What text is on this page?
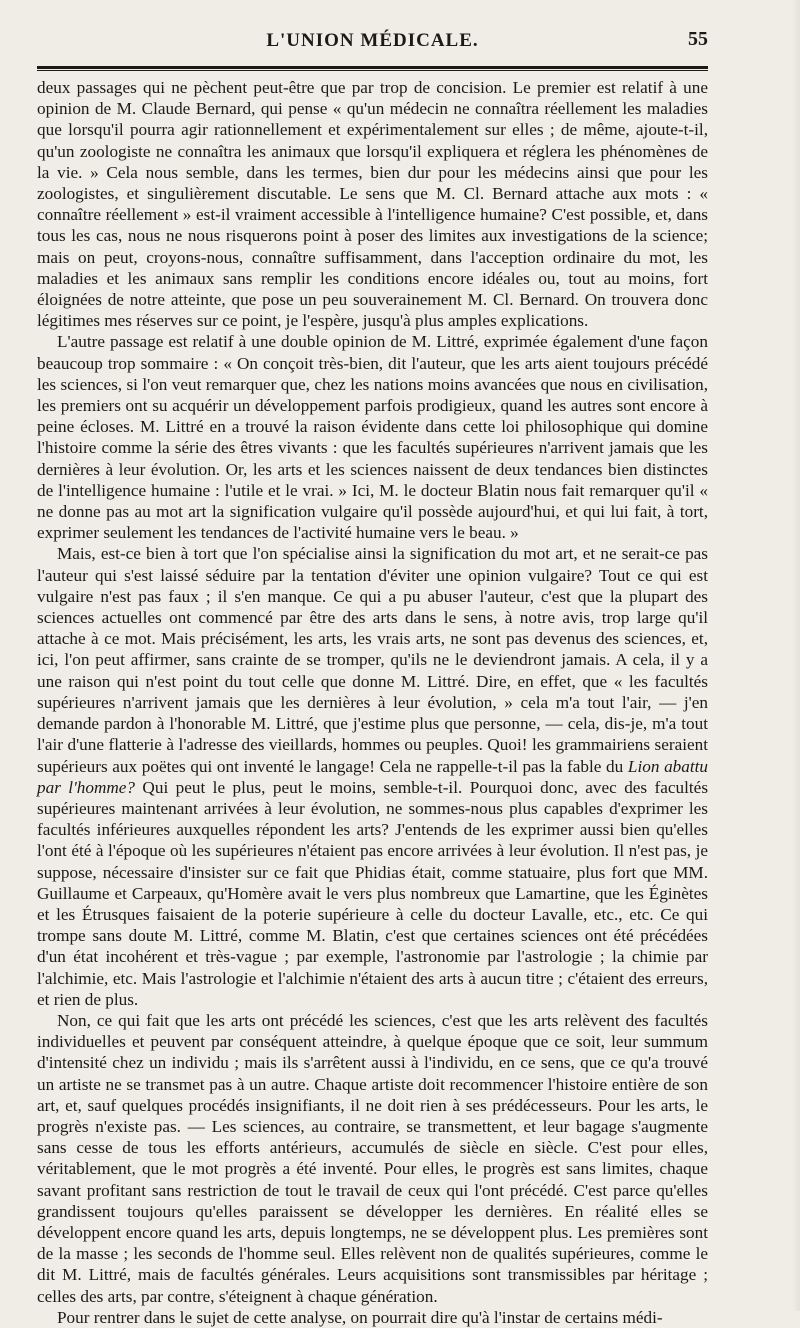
L'UNION MÉDICALE.	55

deux passages qui ne pèchent peut-être que par trop de concision. Le premier est relatif à une opinion de M. Claude Bernard, qui pense « qu'un médecin ne connaîtra réellement les maladies que lorsqu'il pourra agir rationnellement et expérimentalement sur elles ; de même, ajoute-t-il, qu'un zoologiste ne connaîtra les animaux que lorsqu'il expliquera et réglera les phénomènes de la vie. » Cela nous semble, dans les termes, bien dur pour les médecins ainsi que pour les zoologistes, et singulièrement discutable. Le sens que M. Cl. Bernard attache aux mots : « connaître réellement » est-il vraiment accessible à l'intelligence humaine? C'est possible, et, dans tous les cas, nous ne nous risquerons point à poser des limites aux investigations de la science; mais on peut, croyons-nous, connaître suffisamment, dans l'acception ordinaire du mot, les maladies et les animaux sans remplir les conditions encore idéales ou, tout au moins, fort éloignées de notre atteinte, que pose un peu souverainement M. Cl. Bernard. On trouvera donc légitimes mes réserves sur ce point, je l'espère, jusqu'à plus amples explications.

L'autre passage est relatif à une double opinion de M. Littré, exprimée également d'une façon beaucoup trop sommaire : « On conçoit très-bien, dit l'auteur, que les arts aient toujours précédé les sciences, si l'on veut remarquer que, chez les nations moins avancées que nous en civilisation, les premiers ont su acquérir un développement parfois prodigieux, quand les autres sont encore à peine écloses. M. Littré en a trouvé la raison évidente dans cette loi philosophique qui domine l'histoire comme la série des êtres vivants : que les facultés supérieures n'arrivent jamais que les dernières à leur évolution. Or, les arts et les sciences naissent de deux tendances bien distinctes de l'intelligence humaine : l'utile et le vrai. » Ici, M. le docteur Blatin nous fait remarquer qu'il « ne donne pas au mot art la signification vulgaire qu'il possède aujourd'hui, et qui lui fait, à tort, exprimer seulement les tendances de l'activité humaine vers le beau. »

Mais, est-ce bien à tort que l'on spécialise ainsi la signification du mot art, et ne serait-ce pas l'auteur qui s'est laissé séduire par la tentation d'éviter une opinion vulgaire? Tout ce qui est vulgaire n'est pas faux ; il s'en manque. Ce qui a pu abuser l'auteur, c'est que la plupart des sciences actuelles ont commencé par être des arts dans le sens, à notre avis, trop large qu'il attache à ce mot. Mais précisément, les arts, les vrais arts, ne sont pas devenus des sciences, et, ici, l'on peut affirmer, sans crainte de se tromper, qu'ils ne le deviendront jamais. A cela, il y a une raison qui n'est point du tout celle que donne M. Littré. Dire, en effet, que « les facultés supérieures n'arrivent jamais que les dernières à leur évolution, » cela m'a tout l'air, — j'en demande pardon à l'honorable M. Littré, que j'estime plus que personne, — cela, dis-je, m'a tout l'air d'une flatterie à l'adresse des vieillards, hommes ou peuples. Quoi! les grammairiens seraient supérieurs aux poëtes qui ont inventé le langage! Cela ne rappelle-t-il pas la fable du Lion abattu par l'homme? Qui peut le plus, peut le moins, semble-t-il. Pourquoi donc, avec des facultés supérieures maintenant arrivées à leur évolution, ne sommes-nous plus capables d'exprimer les facultés inférieures auxquelles répondent les arts? J'entends de les exprimer aussi bien qu'elles l'ont été à l'époque où les supérieures n'étaient pas encore arrivées à leur évolution. Il n'est pas, je suppose, nécessaire d'insister sur ce fait que Phidias était, comme statuaire, plus fort que MM. Guillaume et Carpeaux, qu'Homère avait le vers plus nombreux que Lamartine, que les Éginètes et les Étrusques faisaient de la poterie supérieure à celle du docteur Lavalle, etc., etc. Ce qui trompe sans doute M. Littré, comme M. Blatin, c'est que certaines sciences ont été précédées d'un état incohérent et très-vague ; par exemple, l'astronomie par l'astrologie ; la chimie par l'alchimie, etc. Mais l'astrologie et l'alchimie n'étaient des arts à aucun titre ; c'étaient des erreurs, et rien de plus.

Non, ce qui fait que les arts ont précédé les sciences, c'est que les arts relèvent des facultés individuelles et peuvent par conséquent atteindre, à quelque époque que ce soit, leur summum d'intensité chez un individu ; mais ils s'arrêtent aussi à l'individu, en ce sens, que ce qu'a trouvé un artiste ne se transmet pas à un autre. Chaque artiste doit recommencer l'histoire entière de son art, et, sauf quelques procédés insignifiants, il ne doit rien à ses prédécesseurs. Pour les arts, le progrès n'existe pas. — Les sciences, au contraire, se transmettent, et leur bagage s'augmente sans cesse de tous les efforts antérieurs, accumulés de siècle en siècle. C'est pour elles, véritablement, que le mot progrès a été inventé. Pour elles, le progrès est sans limites, chaque savant profitant sans restriction de tout le travail de ceux qui l'ont précédé. C'est parce qu'elles grandissent toujours qu'elles paraissent se développer les dernières. En réalité elles se développent encore quand les arts, depuis longtemps, ne se développent plus. Les premières sont de la masse ; les seconds de l'homme seul. Elles relèvent non de qualités supérieures, comme le dit M. Littré, mais de facultés générales. Leurs acquisitions sont transmissibles par héritage ; celles des arts, par contre, s'éteignent à chaque génération.

Pour rentrer dans le sujet de cette analyse, on pourrait dire qu'à l'instar de certains médi-
